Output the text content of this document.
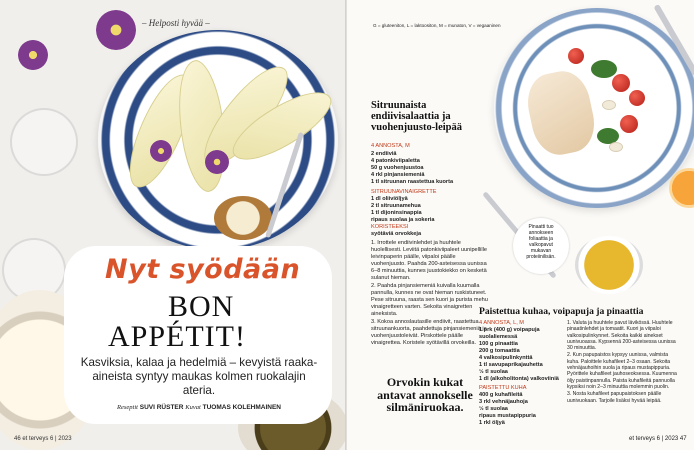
– Helposti hyvää –
Nyt syödään
BON
APPÉTIT!
Kasviksia, kalaa ja hedelmiä – kevyistä raaka-aineista syntyy maukas kolmen ruokalajin ateria.
Reseptit SUVI RÜSTER Kuvat TUOMAS KOLEHMAINEN
46 et terveys 6 | 2023
Pinaatti tuo annokseen foliaattia ja valkopavut mukavan proteiinilisän.
G = gluteeniton, L = laktoositon, M = munaton, V = vegaaninen
Sitruunaista endiivisalaattia ja vuohenjuusto-leipää
4 ANNOSTA, M
2 endiiviä
4 patonkiviipaletta
50 g vuohenjuustoa
4 rkl pinjansiemeniä
1 tl sitruunan raastettua kuorta
SITRUUNAVINAIGRETTE
1 dl oliiviöljyä
2 tl sitruunamehua
1 tl dijoninsinappia
ripaus suolaa ja sokeria
KORISTEEKSI
syötäviä orvokkeja
1. Irrottele endiivinlehdet ja huuhtele huolellisesti. Leviitä patonkiviipaleet uunipellille leivinpaperin päälle, viipaloi päälle vuohenjuusto. Paahda 200-asteisessa uunissa 6–8 minuuttia, kunnes juustokiekko on kesketä sulanut hieman.
2. Paahda pinjansiemeniä kuivalla kuumalla pannulla, kunnes ne ovat hieman ruskistuneet. Pese sitruuna, raasta sen kuori ja purista mehu vinaigretteen varten. Sekoita vinaigretten aineksista.
3. Kokoa annoslautasille endiivit, raastettua sitruunankuorta, paahdettuja pinjansiemeniä ja vuohenjuustoleivät. Pirskottele päälle vinaigrettea. Koristele syötävillä orvokeilla.
Orvokin kukat antavat annokselle silmäniruokaa.
Paistettua kuhaa, voipapuja ja pinaattia
4 ANNOSTA, L, M
1 prk (400 g) voipapuja
suolaliemessä
100 g pinaattia
200 g tomaattia
4 valkosipulinkynttä
1 tl savupaprikajauhetta
½ tl suolaa
1 dl (alkoholitonta) valkoviiniä
PAISTETTU KUHA
400 g kuhafileitä
3 rkl vehnäjauhoja
½ tl suolaa
ripaus mustapippuria
1 rkl öljyä
1. Valuta ja huuhtele pavut lävikössä. Huuhtele pinaatinlehdet ja tomaatit. Kuori ja viipaloi valkosipulinkynnet. Sekoita kaikki ainekset uunivuoassa. Kypsennä 200-asteisessa uunissa 30 minuuttia.
2. Kun papupaistos kypsyy uunissa, valmista kuha. Paloittele kuhafileet 2–3 osaan. Sekoita vehnäjauhoihin suola ja ripaus mustapippuria. Pyörittele kuhafileet jauhoseoksessa. Kuumenna öljy paistinpannulla. Paista kuhafileitä pannuolla kypsiksi noin 2–3 minuuttia molemmin puolin.
3. Nosta kuhafileet papupaistoksen päälle uunivuokaan. Tarjoile lisäksi hyvää leipää.
et terveys 6 | 2023 47
